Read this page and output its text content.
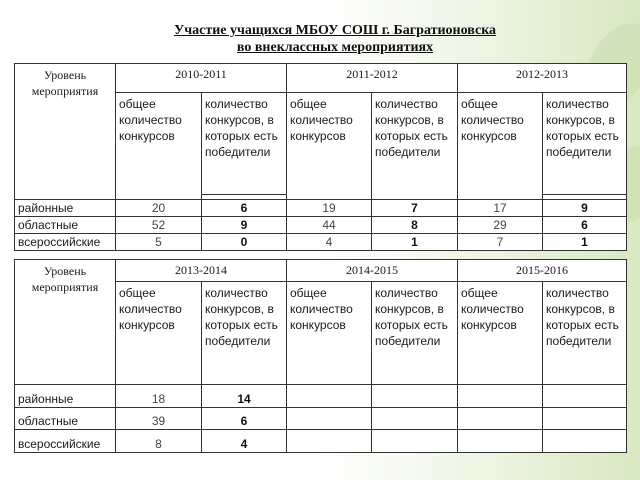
Участие учащихся МБОУ СОШ г. Багратионовска
во внеклассных мероприятиях
Уровень
мероприятия	2010-2011		2011-2012		2012-2013	
	общее количество конкурсов	количество конкурсов, в которых есть победители	общее количество конкурсов	количество конкурсов, в которых есть победители	общее количество конкурсов	количество конкурсов, в которых есть победители

районные	20	6	19	7	17	9
областные	52	9	44	8	29	6
всероссийские	5	0	4	1	7	1
Уровень
мероприятия	2013-2014		2014-2015		2015-2016	
	общее количество конкурсов	количество конкурсов, в которых есть победители	общее количество конкурсов	количество конкурсов, в которых есть победители	общее количество конкурсов	количество конкурсов, в которых есть победители
районные	18	14				
областные	39	6				
всероссийские	8	4				
